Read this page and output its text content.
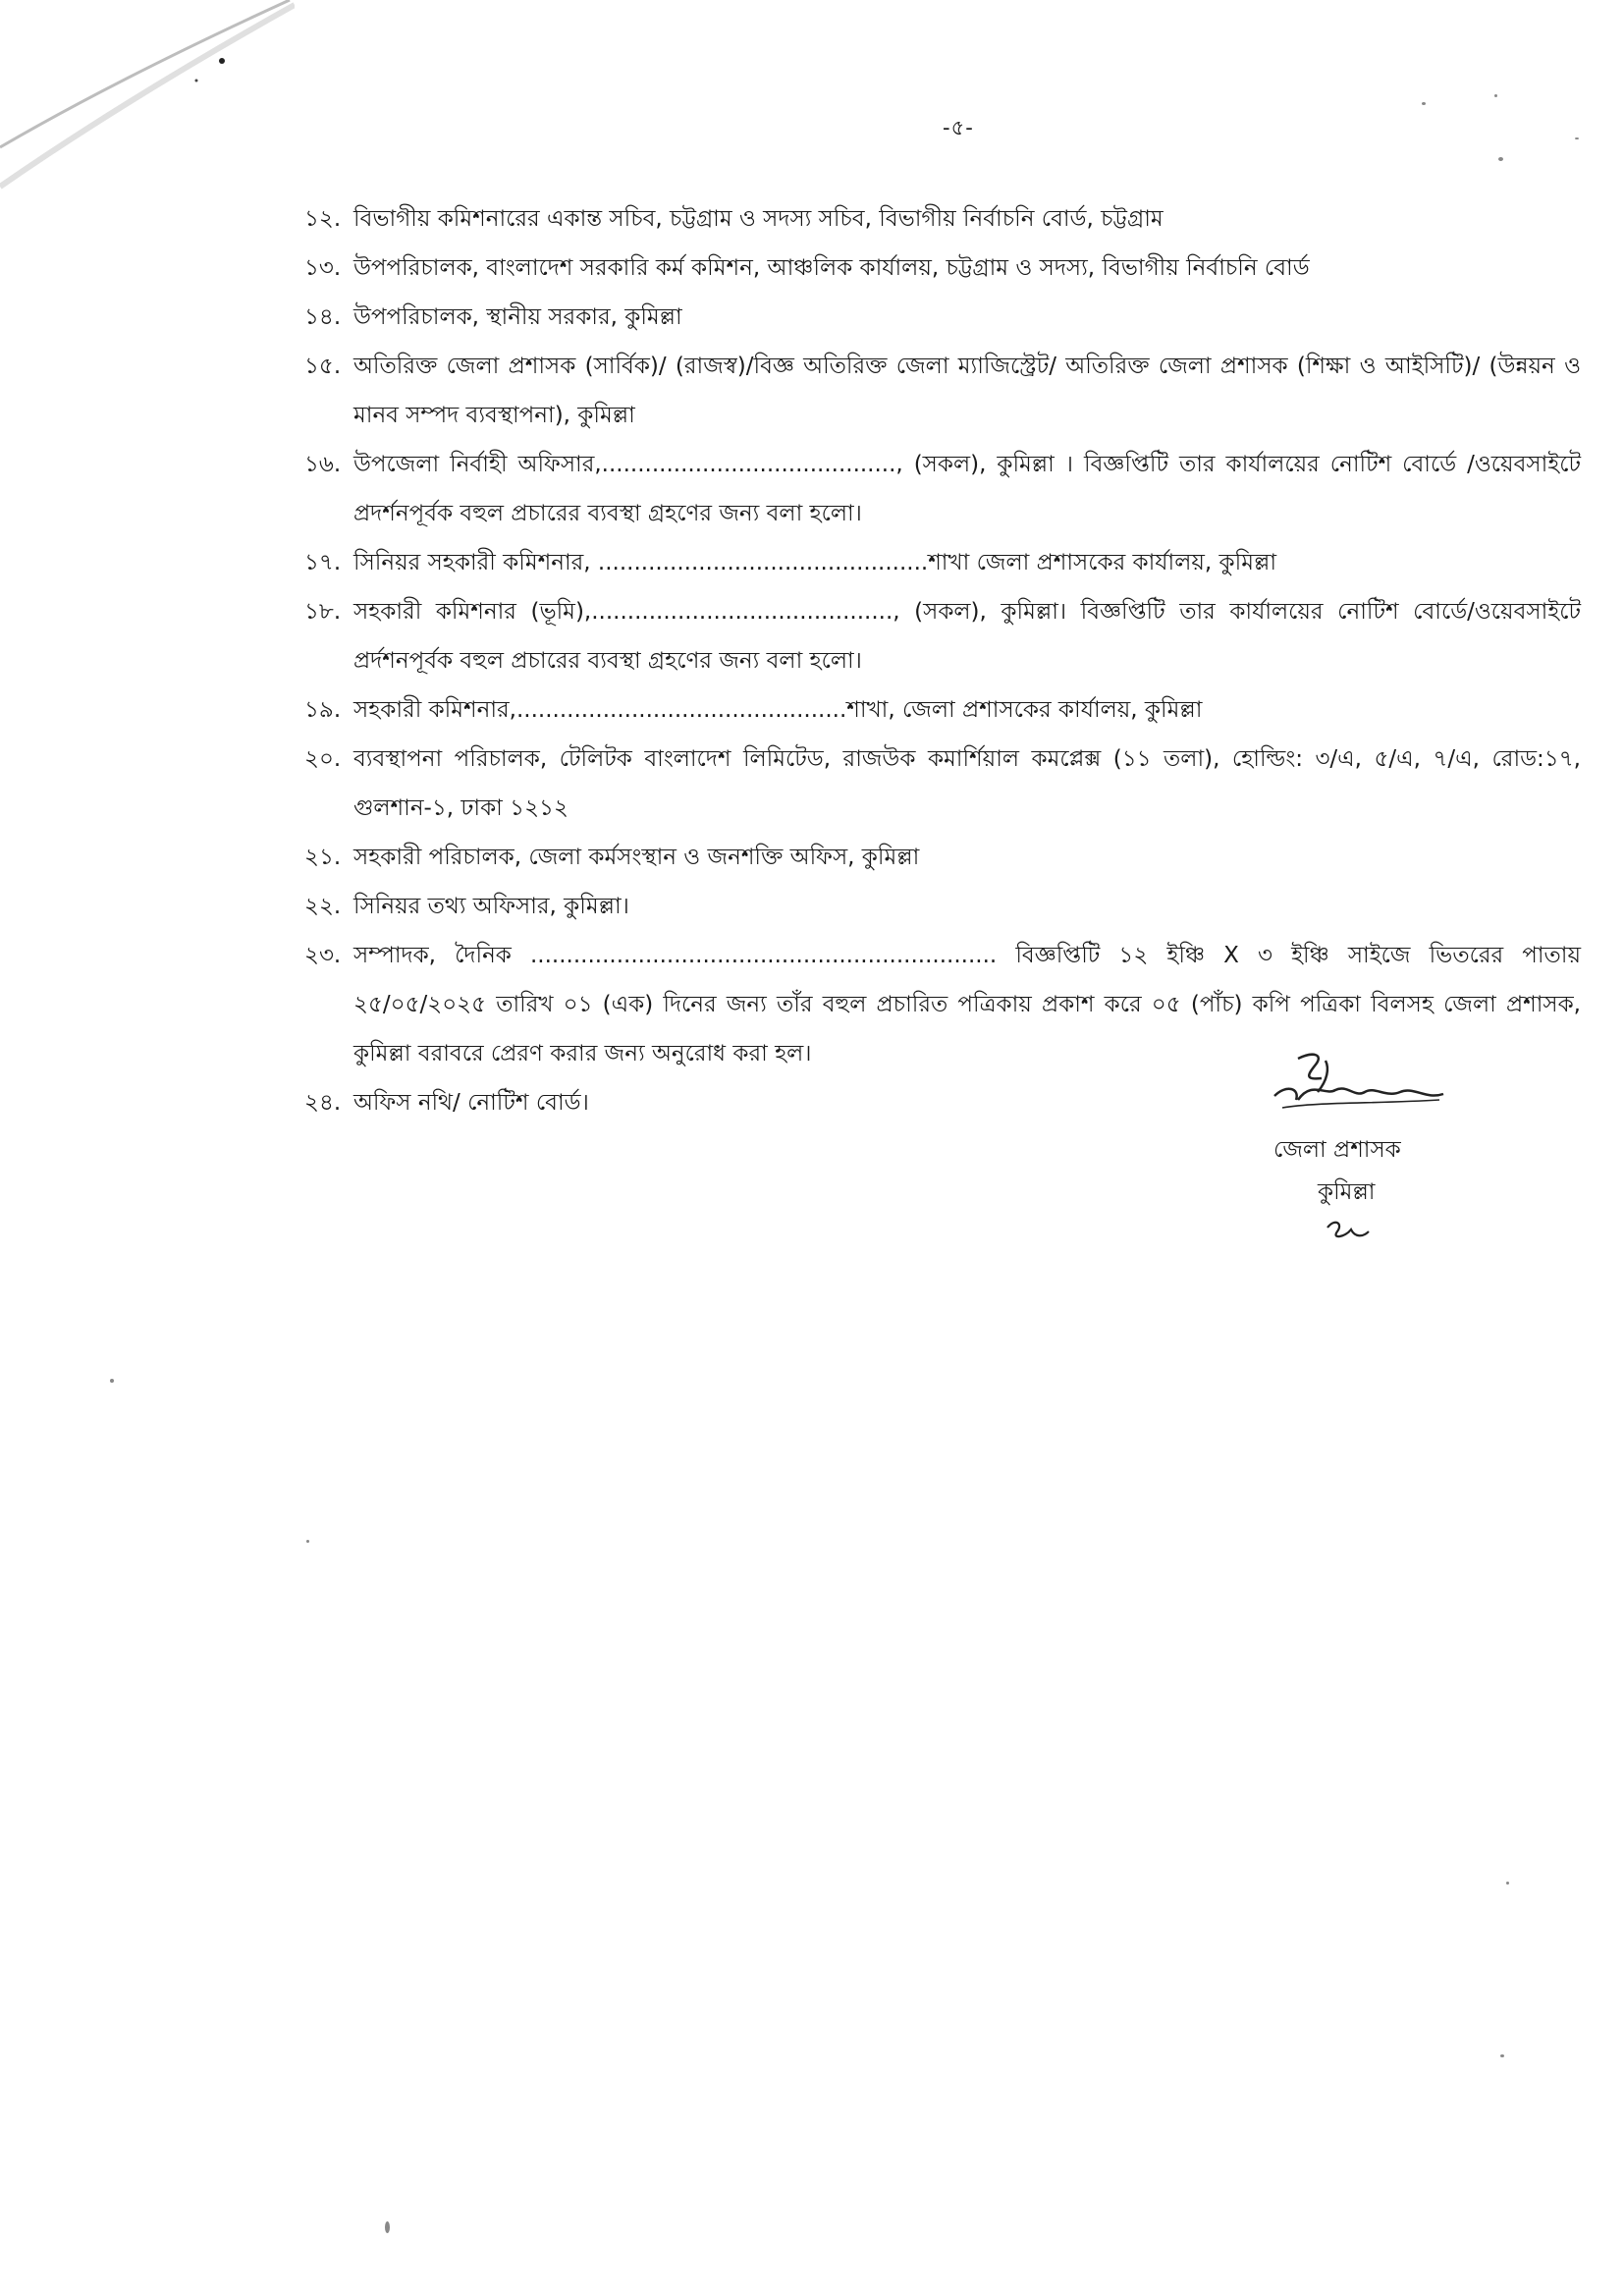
-৫-
১২. বিভাগীয় কমিশনারের একান্ত সচিব, চট্টগ্রাম ও সদস্য সচিব, বিভাগীয় নির্বাচনি বোর্ড, চট্টগ্রাম
১৩. উপপরিচালক, বাংলাদেশ সরকারি কর্ম কমিশন, আঞ্চলিক কার্যালয়, চট্টগ্রাম ও সদস্য, বিভাগীয় নির্বাচনি বোর্ড
১৪. উপপরিচালক, স্থানীয় সরকার, কুমিল্লা
১৫. অতিরিক্ত জেলা প্রশাসক (সার্বিক)/ (রাজস্ব)/বিজ্ঞ অতিরিক্ত জেলা ম্যাজিস্ট্রেট/ অতিরিক্ত জেলা প্রশাসক (শিক্ষা ও আইসিটি)/ (উন্নয়ন ও মানব সম্পদ ব্যবস্থাপনা), কুমিল্লা
১৬. উপজেলা নির্বাহী অফিসার,........................................., (সকল), কুমিল্লা । বিজ্ঞপ্তিটি তার কার্যালয়ের নোটিশ বোর্ডে /ওয়েবসাইটে প্রদর্শনপূর্বক বহুল প্রচারের ব্যবস্থা গ্রহণের জন্য বলা হলো।
১৭. সিনিয়র সহকারী কমিশনার, ..............................................শাখা জেলা প্রশাসকের কার্যালয়, কুমিল্লা
১৮. সহকারী কমিশনার (ভূমি),.........................................., (সকল), কুমিল্লা। বিজ্ঞপ্তিটি তার কার্যালয়ের নোটিশ বোর্ডে/ওয়েবসাইটে প্রর্দশনপূর্বক বহুল প্রচারের ব্যবস্থা গ্রহণের জন্য বলা হলো।
১৯. সহকারী কমিশনার,..............................................শাখা, জেলা প্রশাসকের কার্যালয়, কুমিল্লা
২০. ব্যবস্থাপনা পরিচালক, টেলিটক বাংলাদেশ লিমিটেড, রাজউক কমার্শিয়াল কমপ্লেক্স (১১ তলা), হোল্ডিং: ৩/এ, ৫/এ, ৭/এ, রোড:১৭, গুলশান-১, ঢাকা ১২১২
২১. সহকারী পরিচালক, জেলা কর্মসংস্থান ও জনশক্তি অফিস, কুমিল্লা
২২. সিনিয়র তথ্য অফিসার, কুমিল্লা।
২৩. সম্পাদক, দৈনিক ................................................................. বিজ্ঞপ্তিটি ১২ ইঞ্চি X ৩ ইঞ্চি সাইজে ভিতরের পাতায় ২৫/০৫/২০২৫ তারিখ ০১ (এক) দিনের জন্য তাঁর বহুল প্রচারিত পত্রিকায় প্রকাশ করে ০৫ (পাঁচ) কপি পত্রিকা বিলসহ জেলা প্রশাসক, কুমিল্লা বরাবরে প্রেরণ করার জন্য অনুরোধ করা হল।
২৪. অফিস নথি/ নোটিশ বোর্ড।
জেলা প্রশাসক
কুমিল্লা
